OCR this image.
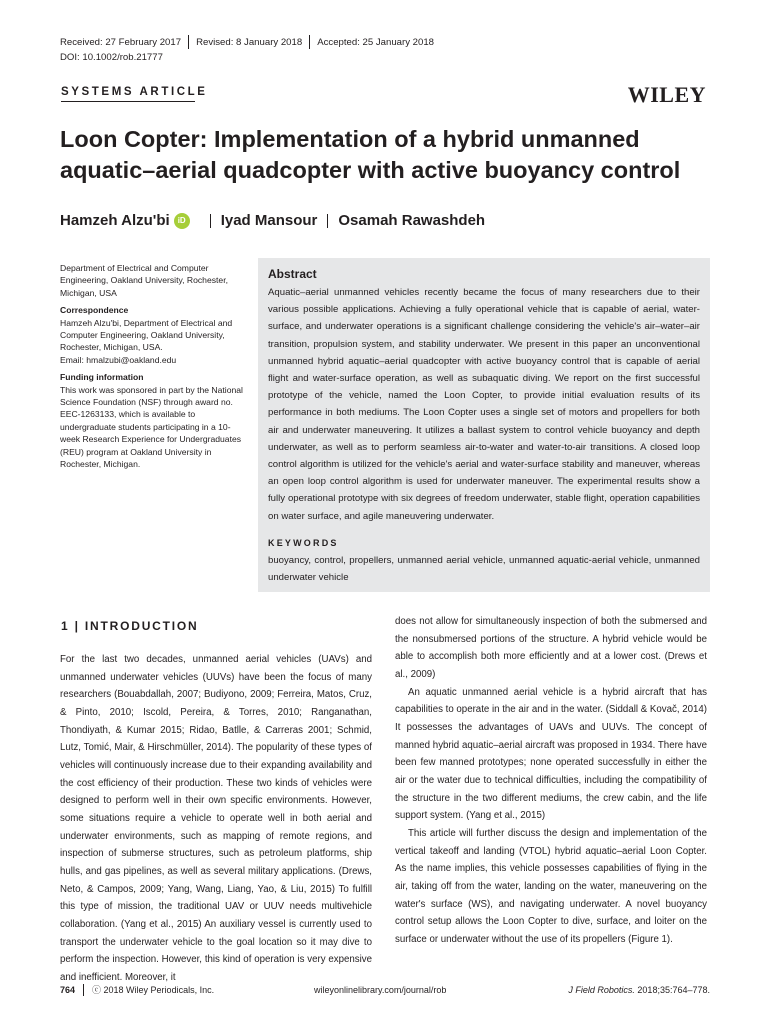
Received: 27 February 2017 Revised: 8 January 2018 Accepted: 25 January 2018
DOI: 10.1002/rob.21777
SYSTEMS ARTICLE	WILEY
Loon Copter: Implementation of a hybrid unmanned aquatic–aerial quadcopter with active buoyancy control
Hamzeh Alzu'bi	iD Iyad Mansour Osamah Rawashdeh
Department of Electrical and Computer Engineering, Oakland University, Rochester, Michigan, USA
Correspondence
Hamzeh Alzu'bi, Department of Electrical and Computer Engineering, Oakland University, Rochester, Michigan, USA.
Email: hmalzubi@oakland.edu
Funding information
This work was sponsored in part by the National Science Foundation (NSF) through award no. EEC-1263133, which is available to undergraduate students participating in a 10-week Research Experience for Undergraduates (REU) program at Oakland University in Rochester, Michigan.
Abstract
Aquatic–aerial unmanned vehicles recently became the focus of many researchers due to their various possible applications. Achieving a fully operational vehicle that is capable of aerial, water-surface, and underwater operations is a significant challenge considering the vehicle's air–water–air transition, propulsion system, and stability underwater. We present in this paper an unconventional unmanned hybrid aquatic–aerial quadcopter with active buoyancy control that is capable of aerial flight and water-surface operation, as well as subaquatic diving. We report on the first successful prototype of the vehicle, named the Loon Copter, to provide initial evaluation results of its performance in both mediums. The Loon Copter uses a single set of motors and propellers for both air and underwater maneuvering. It utilizes a ballast system to control vehicle buoyancy and depth underwater, as well as to perform seamless air-to-water and water-to-air transitions. A closed loop control algorithm is utilized for the vehicle's aerial and water-surface stability and maneuver, whereas an open loop control algorithm is used for underwater maneuver. The experimental results show a fully operational prototype with six degrees of freedom underwater, stable flight, operation capabilities on water surface, and agile maneuvering underwater.
KEYWORDS
buoyancy, control, propellers, unmanned aerial vehicle, unmanned aquatic-aerial vehicle, unmanned underwater vehicle
1 | INTRODUCTION
For the last two decades, unmanned aerial vehicles (UAVs) and unmanned underwater vehicles (UUVs) have been the focus of many researchers (Bouabdallah, 2007; Budiyono, 2009; Ferreira, Matos, Cruz, & Pinto, 2010; Iscold, Pereira, & Torres, 2010; Ranganathan, Thondiyath, & Kumar 2015; Ridao, Batlle, & Carreras 2001; Schmid, Lutz, Tomić, Mair, & Hirschmüller, 2014). The popularity of these types of vehicles will continuously increase due to their expanding availability and the cost efficiency of their production. These two kinds of vehicles were designed to perform well in their own specific environments. However, some situations require a vehicle to operate well in both aerial and underwater environments, such as mapping of remote regions, and inspection of submerse structures, such as petroleum platforms, ship hulls, and gas pipelines, as well as several military applications. (Drews, Neto, & Campos, 2009; Yang, Wang, Liang, Yao, & Liu, 2015) To fulfill this type of mission, the traditional UAV or UUV needs multivehicle collaboration. (Yang et al., 2015) An auxiliary vessel is currently used to transport the underwater vehicle to the goal location so it may dive to perform the inspection. However, this kind of operation is very expensive and inefficient. Moreover, it

does not allow for simultaneously inspection of both the submersed and the nonsubmersed portions of the structure. A hybrid vehicle would be able to accomplish both more efficiently and at a lower cost. (Drews et al., 2009)

An aquatic unmanned aerial vehicle is a hybrid aircraft that has capabilities to operate in the air and in the water. (Siddall & Kovač, 2014) It possesses the advantages of UAVs and UUVs. The concept of manned hybrid aquatic–aerial aircraft was proposed in 1934. There have been few manned prototypes; none operated successfully in either the air or the water due to technical difficulties, including the compatibility of the structure in the two different mediums, the crew cabin, and the life support system. (Yang et al., 2015)

This article will further discuss the design and implementation of the vertical takeoff and landing (VTOL) hybrid aquatic–aerial Loon Copter. As the name implies, this vehicle possesses capabilities of flying in the air, taking off from the water, landing on the water, maneuvering on the water's surface (WS), and navigating underwater. A novel buoyancy control setup allows the Loon Copter to dive, surface, and loiter on the surface or underwater without the use of its propellers (Figure 1).

764 ⓒ 2018 Wiley Periodicals, Inc.	wileyonlinelibrary.com/journal/rob	J Field Robotics. 2018;35:764–778.
